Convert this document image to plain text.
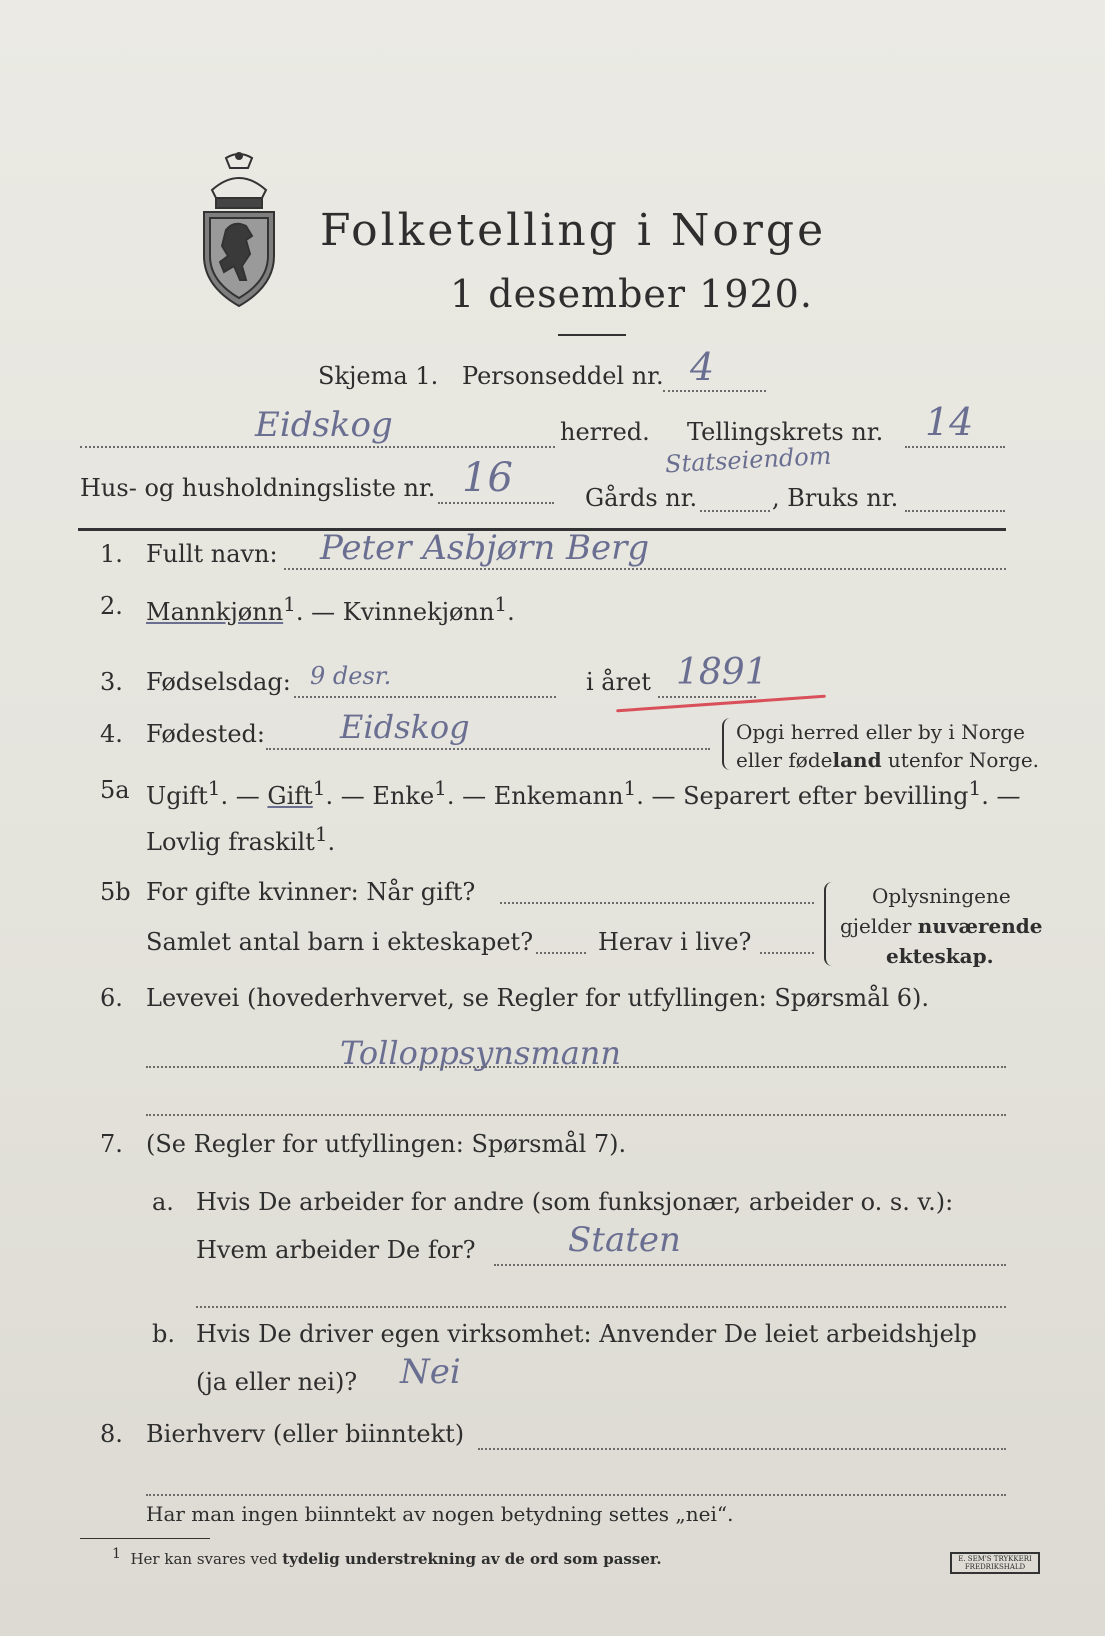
Folketelling i Norge
1 desember 1920.
Skjema 1. Personseddel nr. 4
Eidskog	herred. Tellingskrets nr. 14
Hus- og husholdningsliste nr. 16	Gårds nr.
Statseiendom
, Bruks nr.
1. Fullt navn: Peter Asbjørn Berg
2. Mannkjønn$^1$. — Kvinnekjønn$^1$.
3. Fødselsdag: 9 desr.	i året 1891
4. Fødested: Eidskog	Opgi herred eller by i Norge
eller fødeland utenfor Norge.
5a Ugift$^1$. — Gift$^1$. — Enke$^1$. — Enkemann$^1$. — Separert efter bevilling$^1$. —
Lovlig fraskilt$^1$.
5b For gifte kvinner: Når gift?
Samlet antal barn i ekteskapet?	Herav i live?
Oplysningene
gjelder nuværende
ekteskap.
6. Levevei (hovederhvervet, se Regler for utfyllingen: Spørsmål 6).
Tolloppsynsmann
7. (Se Regler for utfyllingen: Spørsmål 7).
a. Hvis De arbeider for andre (som funksjonær, arbeider o. s. v.):
Hvem arbeider De for?	Staten
b. Hvis De driver egen virksomhet: Anvender De leiet arbeidshjelp
(ja eller nei)? Nei
8. Bierhverv (eller biinntekt)
Har man ingen biinntekt av nogen betydning settes „nei“.
$^1$ Her kan svares ved tydelig understrekning av de ord som passer.	E. SEM'S TRYKKERI
FREDRIKSHALD
